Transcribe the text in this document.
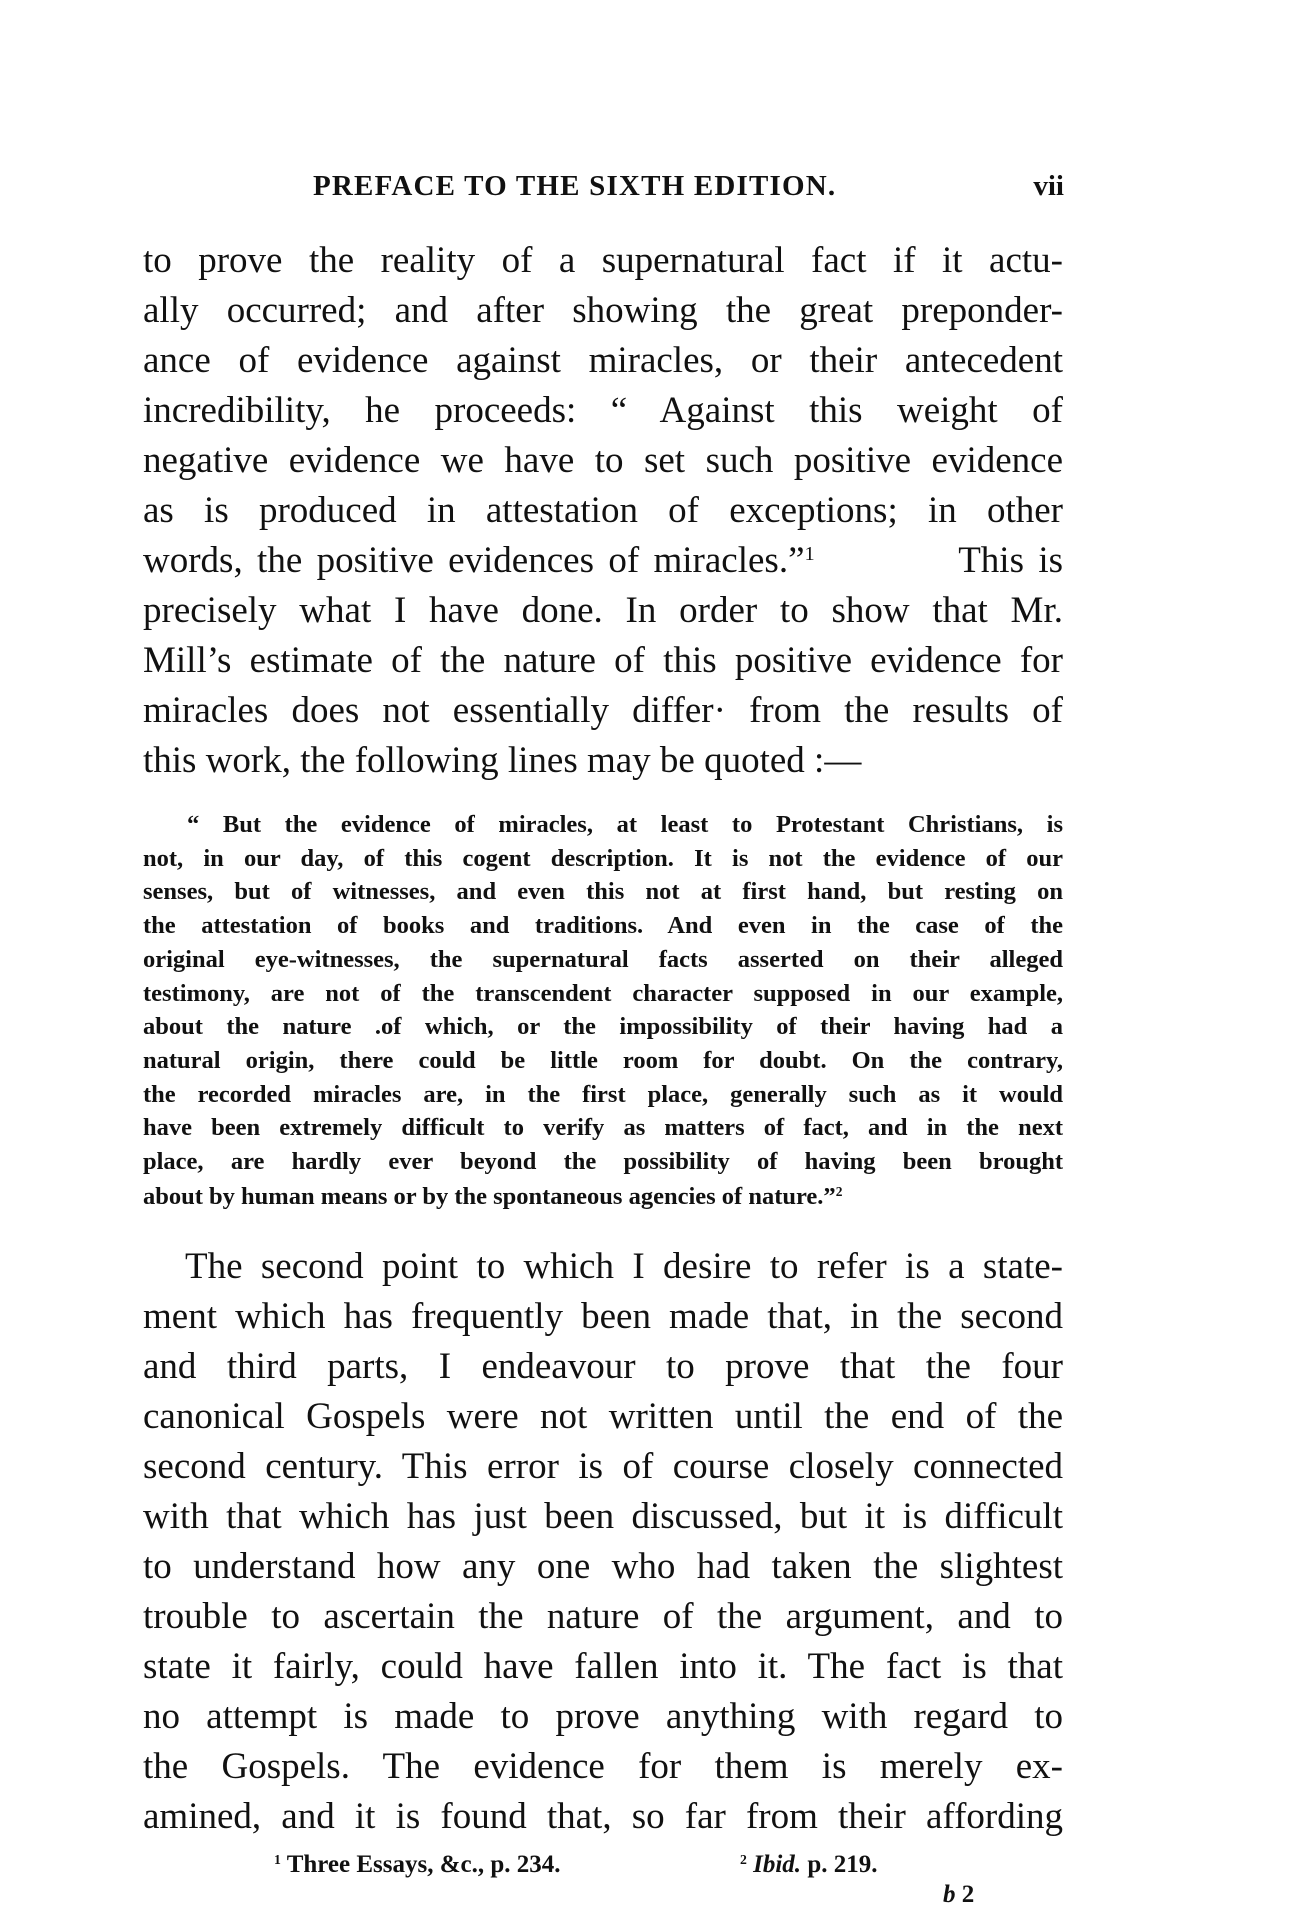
PREFACE TO THE SIXTH EDITION.	vii
to prove the reality of a supernatural fact if it actu-
ally occurred; and after showing the great preponder-
ance of evidence against miracles, or their antecedent
incredibility, he proceeds: “ Against this weight of
negative evidence we have to set such positive evidence
as is produced in attestation of exceptions; in other
words, the positive evidences of miracles.”$^1$	This is
precisely what I have done. In order to show that Mr.
Mill’s estimate of the nature of this positive evidence for
miracles does not essentially differ· from the results of
this work, the following lines may be quoted :—
“ But the evidence of miracles, at least to Protestant Christians, is
not, in our day, of this cogent description. It is not the evidence of our
senses, but of witnesses, and even this not at first hand, but resting on
the attestation of books and traditions. And even in the case of the
original eye-witnesses, the supernatural facts asserted on their alleged
testimony, are not of the transcendent character supposed in our example,
about the nature .of which, or the impossibility of their having had a
natural origin, there could be little room for doubt. On the contrary,
the recorded miracles are, in the first place, generally such as it would
have been extremely difficult to verify as matters of fact, and in the next
place, are hardly ever beyond the possibility of having been brought
about by human means or by the spontaneous agencies of nature.”$^2$
The second point to which I desire to refer is a state-
ment which has frequently been made that, in the second
and third parts, I endeavour to prove that the four
canonical Gospels were not written until the end of the
second century. This error is of course closely connected
with that which has just been discussed, but it is difficult
to understand how any one who had taken the slightest
trouble to ascertain the nature of the argument, and to
state it fairly, could have fallen into it. The fact is that
no attempt is made to prove anything with regard to
the Gospels. The evidence for them is merely ex-
amined, and it is found that, so far from their affording
$^1$ Three Essays, &c., p. 234.	$^2$ Ibid. p. 219.
b 2
